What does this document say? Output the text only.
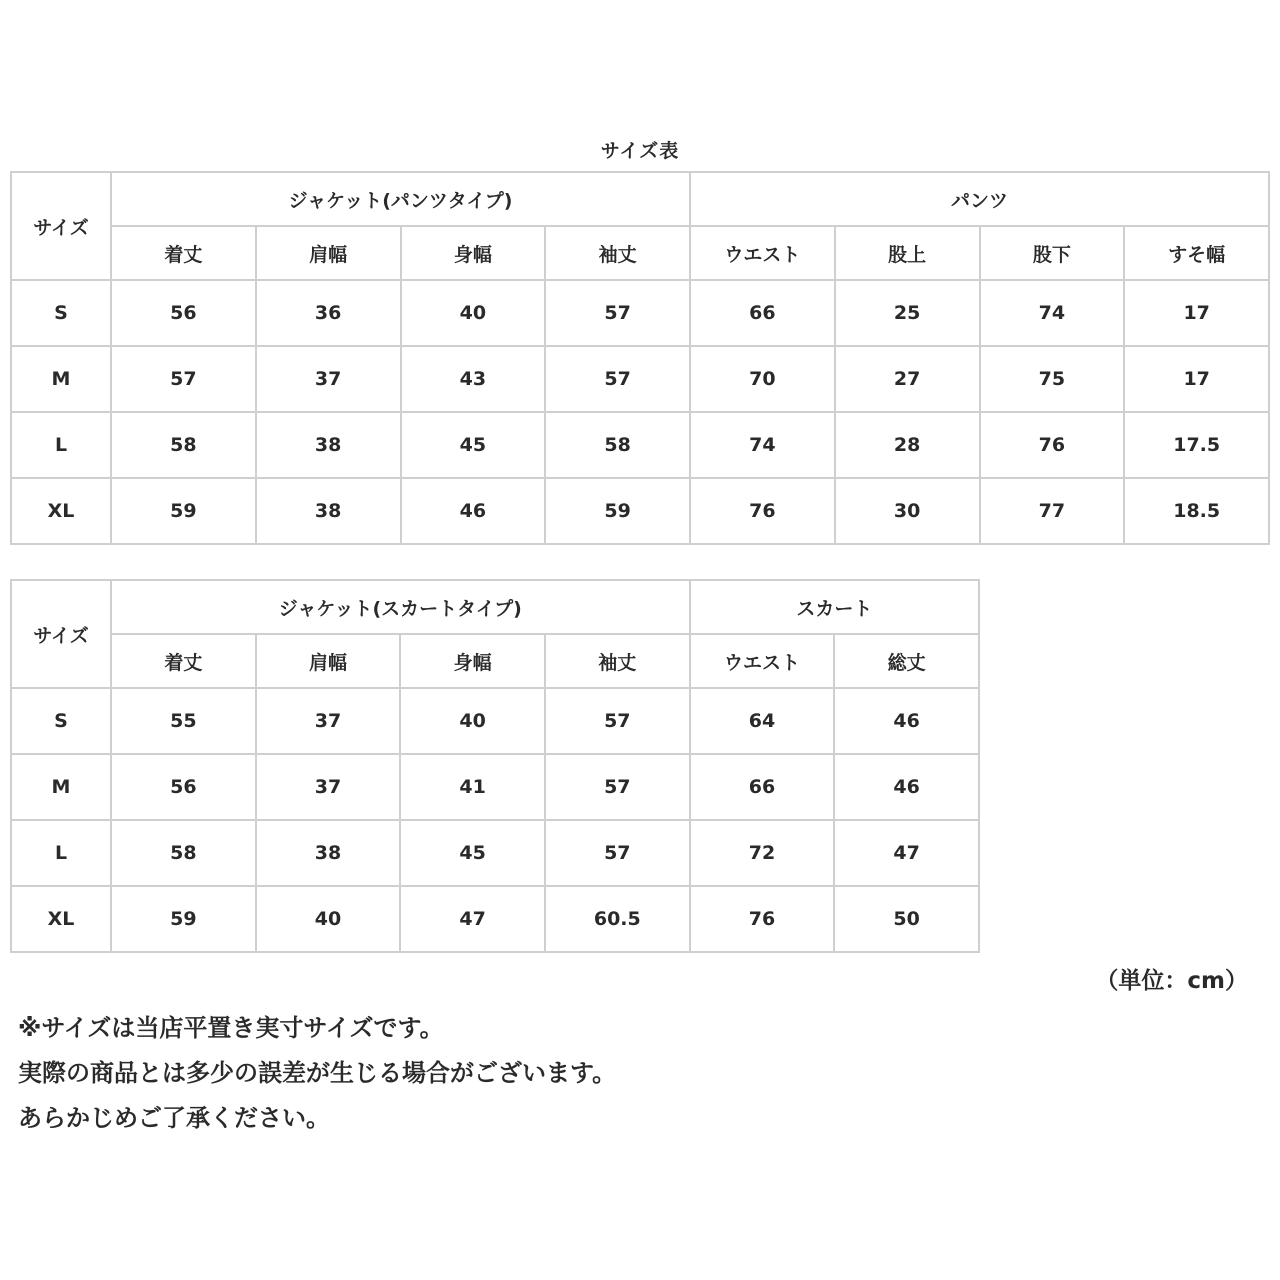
サイズ表
サイズ	ジャケット(パンツタイプ)				パンツ			
	着丈	肩幅	身幅	袖丈	ウエスト	股上	股下	すそ幅
S	56	36	40	57	66	25	74	17
M	57	37	43	57	70	27	75	17
L	58	38	45	58	74	28	76	17.5
XL	59	38	46	59	76	30	77	18.5
サイズ	ジャケット(スカートタイプ)				スカート	
	着丈	肩幅	身幅	袖丈	ウエスト	総丈
S	55	37	40	57	64	46
M	56	37	41	57	66	46
L	58	38	45	57	72	47
XL	59	40	47	60.5	76	50
（単位：cm）
※サイズは当店平置き実寸サイズです。
実際の商品とは多少の誤差が生じる場合がございます。
あらかじめご了承ください。
